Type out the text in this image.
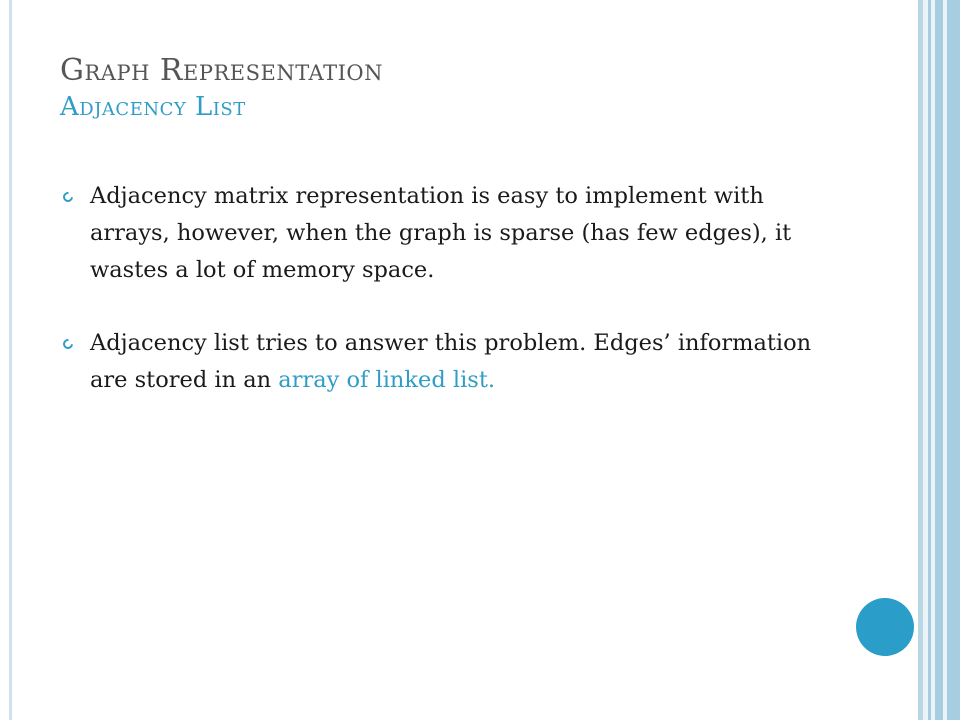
Graph Representation
Adjacency List
Adjacency matrix representation is easy to implement with arrays, however, when the graph is sparse (has few edges), it wastes a lot of memory space.
Adjacency list tries to answer this problem. Edges’ information are stored in an array of linked list.
